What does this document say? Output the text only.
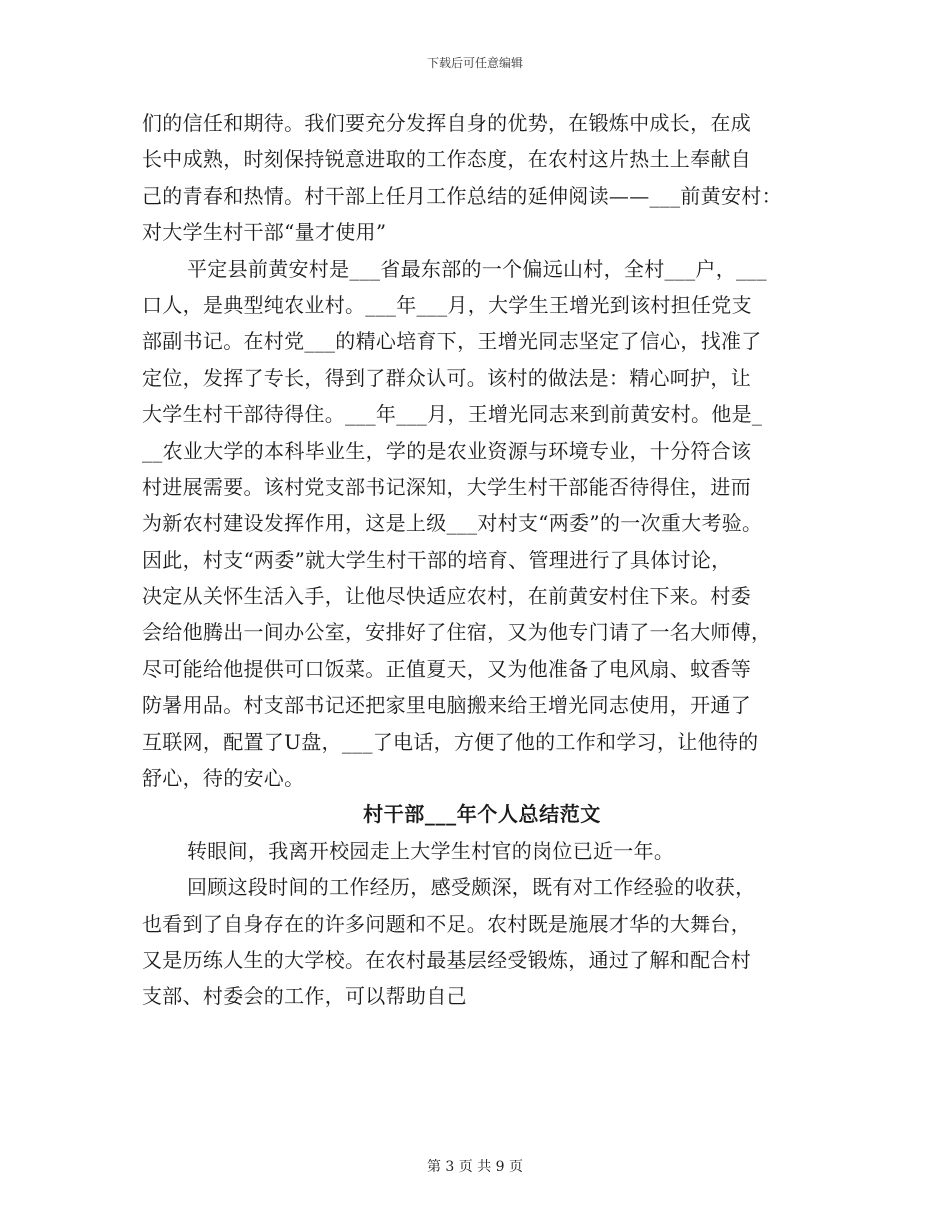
下载后可任意编辑
们的信任和期待。我们要充分发挥自身的优势，在锻炼中成长，在成
长中成熟，时刻保持锐意进取的工作态度，在农村这片热土上奉献自
己的青春和热情。村干部上任月工作总结的延伸阅读——___前黄安村：
对大学生村干部“量才使用”
平定县前黄安村是___省最东部的一个偏远山村，全村___户，___
口人，是典型纯农业村。___年___月，大学生王增光到该村担任党支
部副书记。在村党___的精心培育下，王增光同志坚定了信心，找准了
定位，发挥了专长，得到了群众认可。该村的做法是：精心呵护，让
大学生村干部待得住。___年___月，王增光同志来到前黄安村。他是_
__农业大学的本科毕业生，学的是农业资源与环境专业，十分符合该
村进展需要。该村党支部书记深知，大学生村干部能否待得住，进而
为新农村建设发挥作用，这是上级___对村支“两委”的一次重大考验。
因此，村支“两委”就大学生村干部的培育、管理进行了具体讨论，
决定从关怀生活入手，让他尽快适应农村，在前黄安村住下来。村委
会给他腾出一间办公室，安排好了住宿，又为他专门请了一名大师傅，
尽可能给他提供可口饭菜。正值夏天，又为他准备了电风扇、蚊香等
防暑用品。村支部书记还把家里电脑搬来给王增光同志使用，开通了
互联网，配置了U盘，___了电话，方便了他的工作和学习，让他待的
舒心，待的安心。
村干部___年个人总结范文
转眼间，我离开校园走上大学生村官的岗位已近一年。
回顾这段时间的工作经历，感受颇深，既有对工作经验的收获，
也看到了自身存在的许多问题和不足。农村既是施展才华的大舞台，
又是历练人生的大学校。在农村最基层经受锻炼，通过了解和配合村
支部、村委会的工作，可以帮助自己
第 3 页 共 9 页
